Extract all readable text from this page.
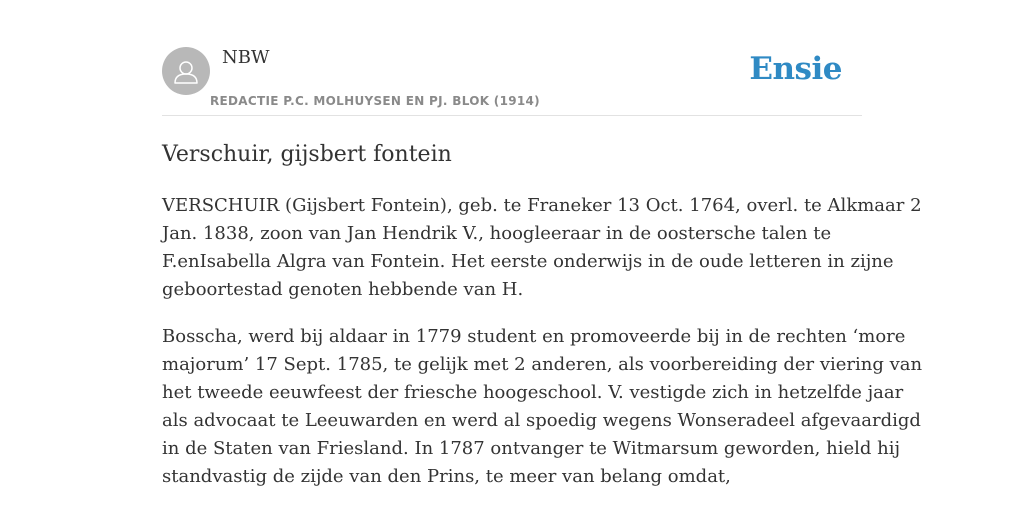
NBW
REDACTIE P.C. MOLHUYSEN EN PJ. BLOK (1914)
Ensie
Verschuir, gijsbert fontein

VERSCHUIR (Gijsbert Fontein), geb. te Franeker 13 Oct. 1764, overl. te Alkmaar 2
Jan. 1838, zoon van Jan Hendrik V., hoogleeraar in de oostersche talen te
F.enIsabella Algra van Fontein. Het eerste onderwijs in de oude letteren in zijne
geboortestad genoten hebbende van H.

Bosscha, werd bij aldaar in 1779 student en promoveerde bij in de rechten ‘more
majorum’ 17 Sept. 1785, te gelijk met 2 anderen, als voorbereiding der viering van
het tweede eeuwfeest der friesche hoogeschool. V. vestigde zich in hetzelfde jaar
als advocaat te Leeuwarden en werd al spoedig wegens Wonseradeel afgevaardigd
in de Staten van Friesland. In 1787 ontvanger te Witmarsum geworden, hield hij
standvastig de zijde van den Prins, te meer van belang omdat,
